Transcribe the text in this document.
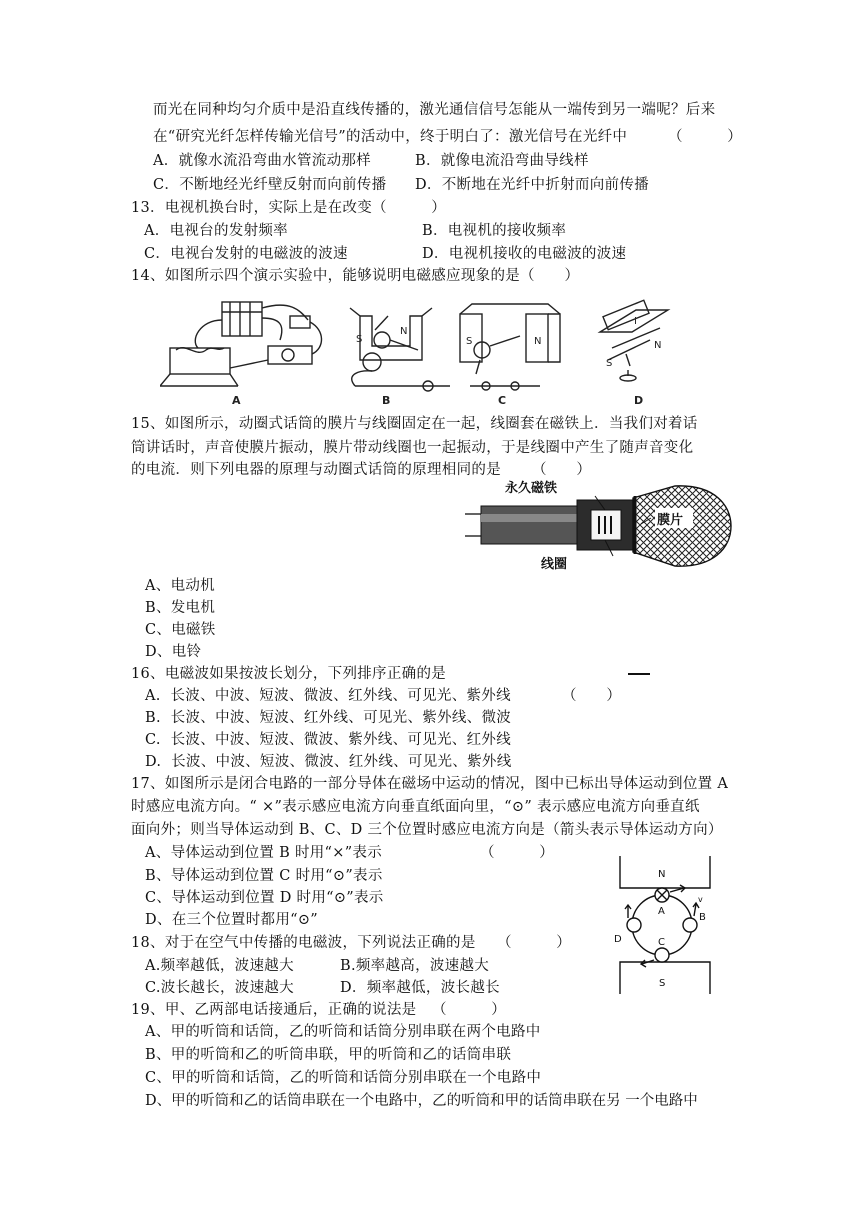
而光在同种均匀介质中是沿直线传播的，激光通信信号怎能从一端传到另一端呢？后来
在“研究光纤怎样传输光信号”的活动中，终于明白了：激光信号在光纤中	（　　　）
A．就像水流沿弯曲水管流动那样	B．就像电流沿弯曲导线样
C．不断地经光纤壁反射而向前传播 D．不断地在光纤中折射而向前传播
13．电视机换台时，实际上是在改变（　　　）
A．电视台的发射频率	B．电视机的接收频率
C．电视台发射的电磁波的波速	D．电视机接收的电磁波的波速
14、如图所示四个演示实验中，能够说明电磁感应现象的是（　　）
S
N
S	N
I
N
S
A	B	C	D
15、如图所示，动圈式话筒的膜片与线圈固定在一起，线圈套在磁铁上．当我们对着话
筒讲话时，声音使膜片振动，膜片带动线圈也一起振动，于是线圈中产生了随声音变化
的电流．则下列电器的原理与动圈式话筒的原理相同的是 （　　）
永久磁铁
膜片
线圈
A、电动机
B、发电机
C、电磁铁
D、电铃
16、电磁波如果按波长划分，下列排序正确的是
A.  长波、中波、短波、微波、红外线、可见光、紫外线	（　　）
B.  长波、中波、短波、红外线、可见光、紫外线、微波
C.  长波、中波、短波、微波、紫外线、可见光、红外线
D.  长波、中波、短波、微波、红外线、可见光、紫外线
17、如图所示是闭合电路的一部分导体在磁场中运动的情况，图中已标出导体运动到位置 A
时感应电流方向。“ ×”表示感应电流方向垂直纸面向里，“⊙” 表示感应电流方向垂直纸
面向外；则当导体运动到 B、C、D 三个位置时感应电流方向是（箭头表示导体运动方向）
A、导体运动到位置 B 时用“×”表示	（　　　）
B、导体运动到位置 C 时用“⊙”表示
C、导体运动到位置 D 时用“⊙”表示
D、在三个位置时都用“⊙”
N
S
A
B
C
D
v
18、对于在空气中传播的电磁波，下列说法正确的是 （　　　）
A.频率越低，波速越大	B.频率越高，波速越大
C.波长越长，波速越大	D．频率越低，波长越长
19、甲、乙两部电话接通后，正确的说法是 （　　　）
A、甲的听筒和话筒，乙的听筒和话筒分别串联在两个电路中
B、甲的听筒和乙的听筒串联，甲的听筒和乙的话筒串联
C、甲的听筒和话筒，乙的听筒和话筒分别串联在一个电路中
D、甲的听筒和乙的话筒串联在一个电路中，乙的听筒和甲的话筒串联在另 一个电路中
